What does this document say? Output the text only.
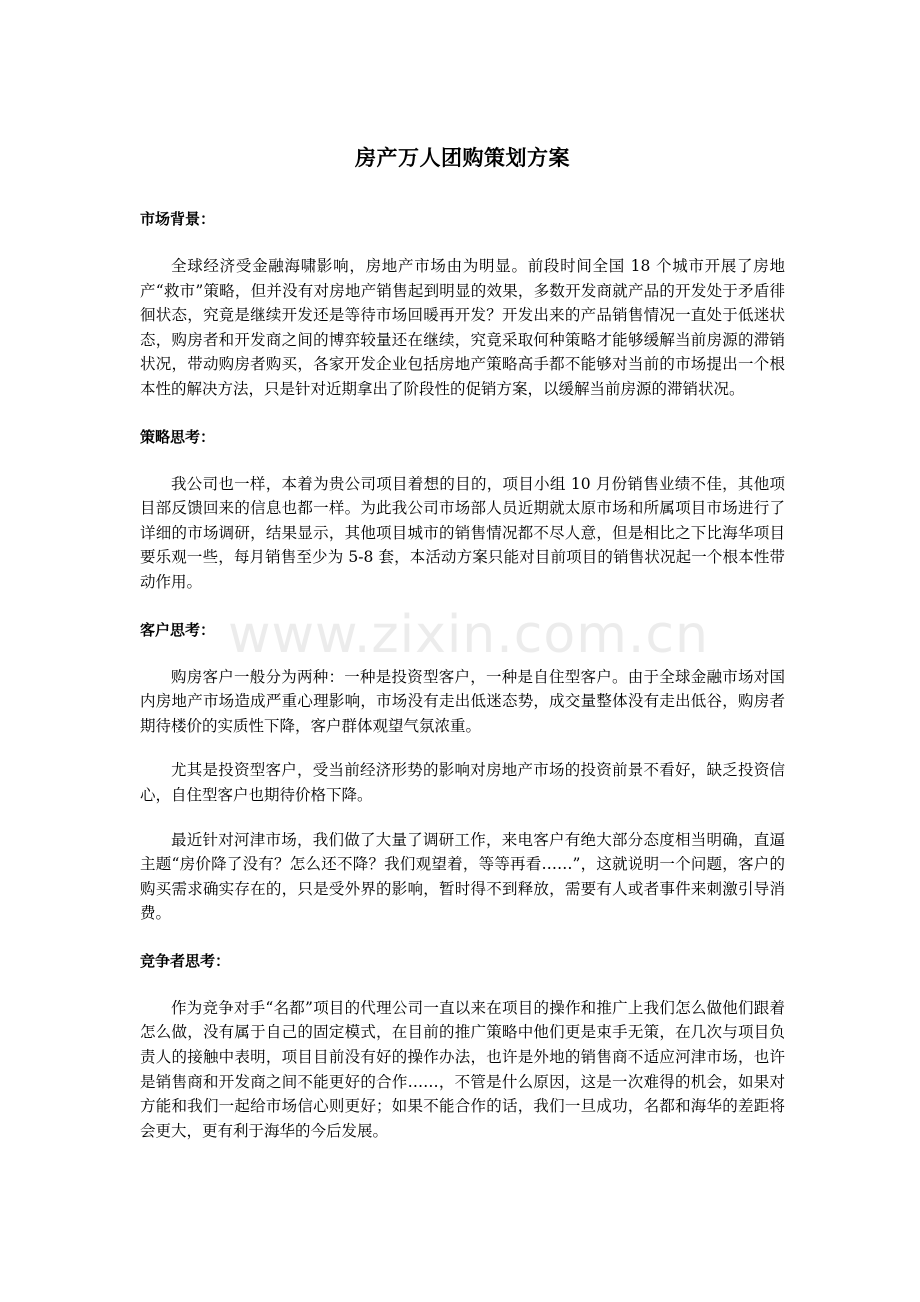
www.zixin.com.cn
房产万人团购策划方案
市场背景：

全球经济受金融海啸影响，房地产市场由为明显。前段时间全国 18 个城市开展了房地产“救市”策略，但并没有对房地产销售起到明显的效果，多数开发商就产品的开发处于矛盾徘徊状态，究竟是继续开发还是等待市场回暖再开发？开发出来的产品销售情况一直处于低迷状态，购房者和开发商之间的博弈较量还在继续，究竟采取何种策略才能够缓解当前房源的滞销状况，带动购房者购买，各家开发企业包括房地产策略高手都不能够对当前的市场提出一个根本性的解决方法，只是针对近期拿出了阶段性的促销方案，以缓解当前房源的滞销状况。

策略思考：

我公司也一样，本着为贵公司项目着想的目的，项目小组 10 月份销售业绩不佳，其他项目部反馈回来的信息也都一样。为此我公司市场部人员近期就太原市场和所属项目市场进行了详细的市场调研，结果显示，其他项目城市的销售情况都不尽人意，但是相比之下比海华项目要乐观一些，每月销售至少为 5-8 套，本活动方案只能对目前项目的销售状况起一个根本性带动作用。

客户思考：

购房客户一般分为两种：一种是投资型客户，一种是自住型客户。由于全球金融市场对国内房地产市场造成严重心理影响，市场没有走出低迷态势，成交量整体没有走出低谷，购房者期待楼价的实质性下降，客户群体观望气氛浓重。

尤其是投资型客户，受当前经济形势的影响对房地产市场的投资前景不看好，缺乏投资信心，自住型客户也期待价格下降。

最近针对河津市场，我们做了大量了调研工作，来电客户有绝大部分态度相当明确，直逼主题“房价降了没有？怎么还不降？我们观望着，等等再看……”，这就说明一个问题，客户的购买需求确实存在的，只是受外界的影响，暂时得不到释放，需要有人或者事件来刺激引导消费。

竞争者思考：

作为竞争对手“名都”项目的代理公司一直以来在项目的操作和推广上我们怎么做他们跟着怎么做，没有属于自己的固定模式，在目前的推广策略中他们更是束手无策，在几次与项目负责人的接触中表明，项目目前没有好的操作办法，也许是外地的销售商不适应河津市场，也许是销售商和开发商之间不能更好的合作……，不管是什么原因，这是一次难得的机会，如果对方能和我们一起给市场信心则更好；如果不能合作的话，我们一旦成功，名都和海华的差距将会更大，更有利于海华的今后发展。
